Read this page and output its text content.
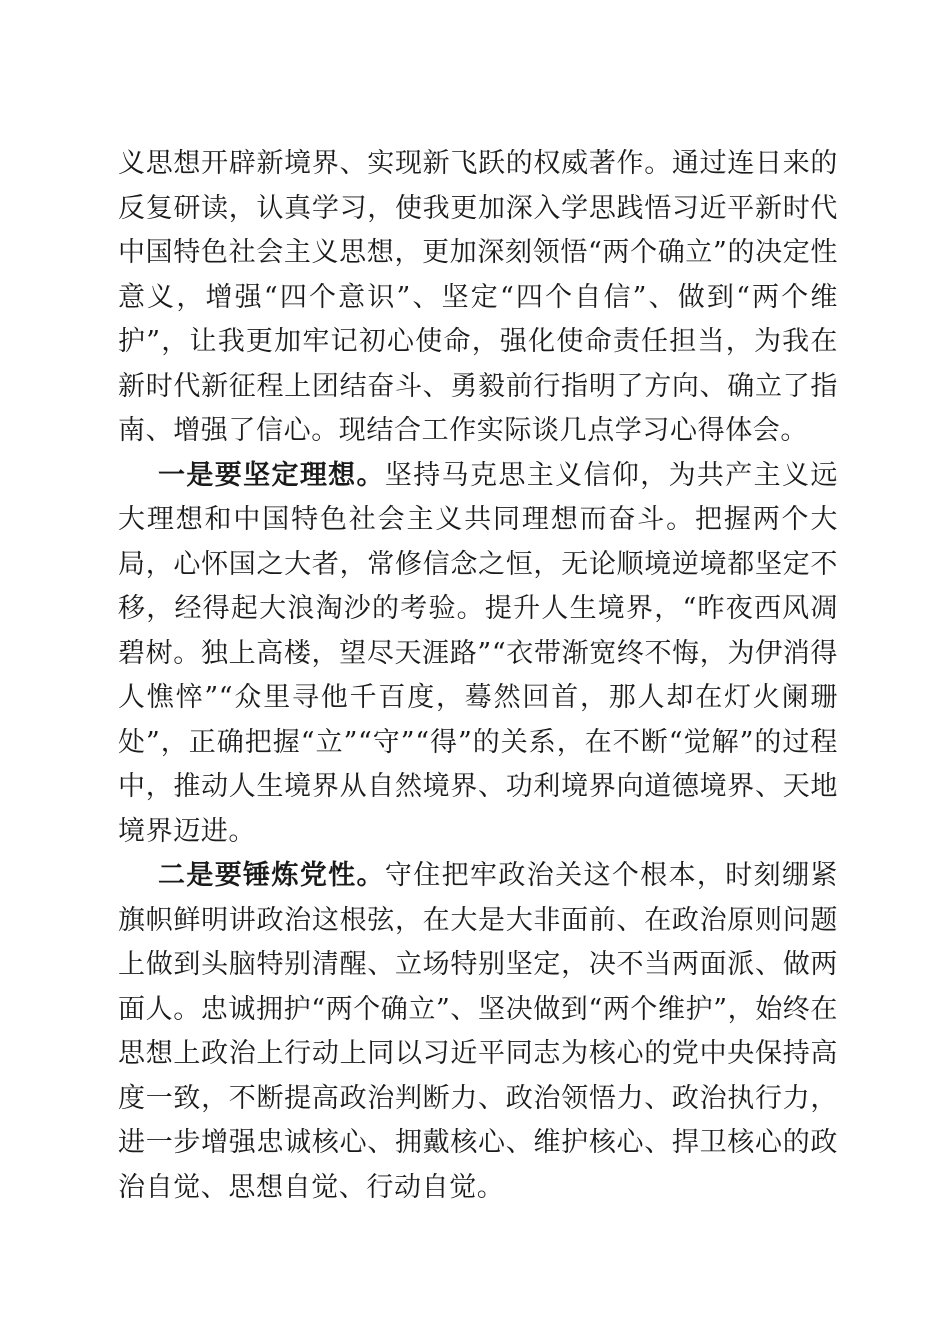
义思想开辟新境界、实现新飞跃的权威著作。通过连日来的反复研读，认真学习，使我更加深入学思践悟习近平新时代中国特色社会主义思想，更加深刻领悟“两个确立”的决定性意义，增强“四个意识”、坚定“四个自信”、做到“两个维护”，让我更加牢记初心使命，强化使命责任担当，为我在新时代新征程上团结奋斗、勇毅前行指明了方向、确立了指南、增强了信心。现结合工作实际谈几点学习心得体会。

一是要坚定理想。坚持马克思主义信仰，为共产主义远大理想和中国特色社会主义共同理想而奋斗。把握两个大局，心怀国之大者，常修信念之恒，无论顺境逆境都坚定不移，经得起大浪淘沙的考验。提升人生境界，“昨夜西风凋碧树。独上高楼，望尽天涯路”“衣带渐宽终不悔，为伊消得人憔悴”“众里寻他千百度，蓦然回首，那人却在灯火阑珊处”，正确把握“立”“守”“得”的关系，在不断“觉解”的过程中，推动人生境界从自然境界、功利境界向道德境界、天地境界迈进。

二是要锤炼党性。守住把牢政治关这个根本，时刻绷紧旗帜鲜明讲政治这根弦，在大是大非面前、在政治原则问题上做到头脑特别清醒、立场特别坚定，决不当两面派、做两面人。忠诚拥护“两个确立”、坚决做到“两个维护”，始终在思想上政治上行动上同以习近平同志为核心的党中央保持高度一致，不断提高政治判断力、政治领悟力、政治执行力，进一步增强忠诚核心、拥戴核心、维护核心、捍卫核心的政治自觉、思想自觉、行动自觉。
